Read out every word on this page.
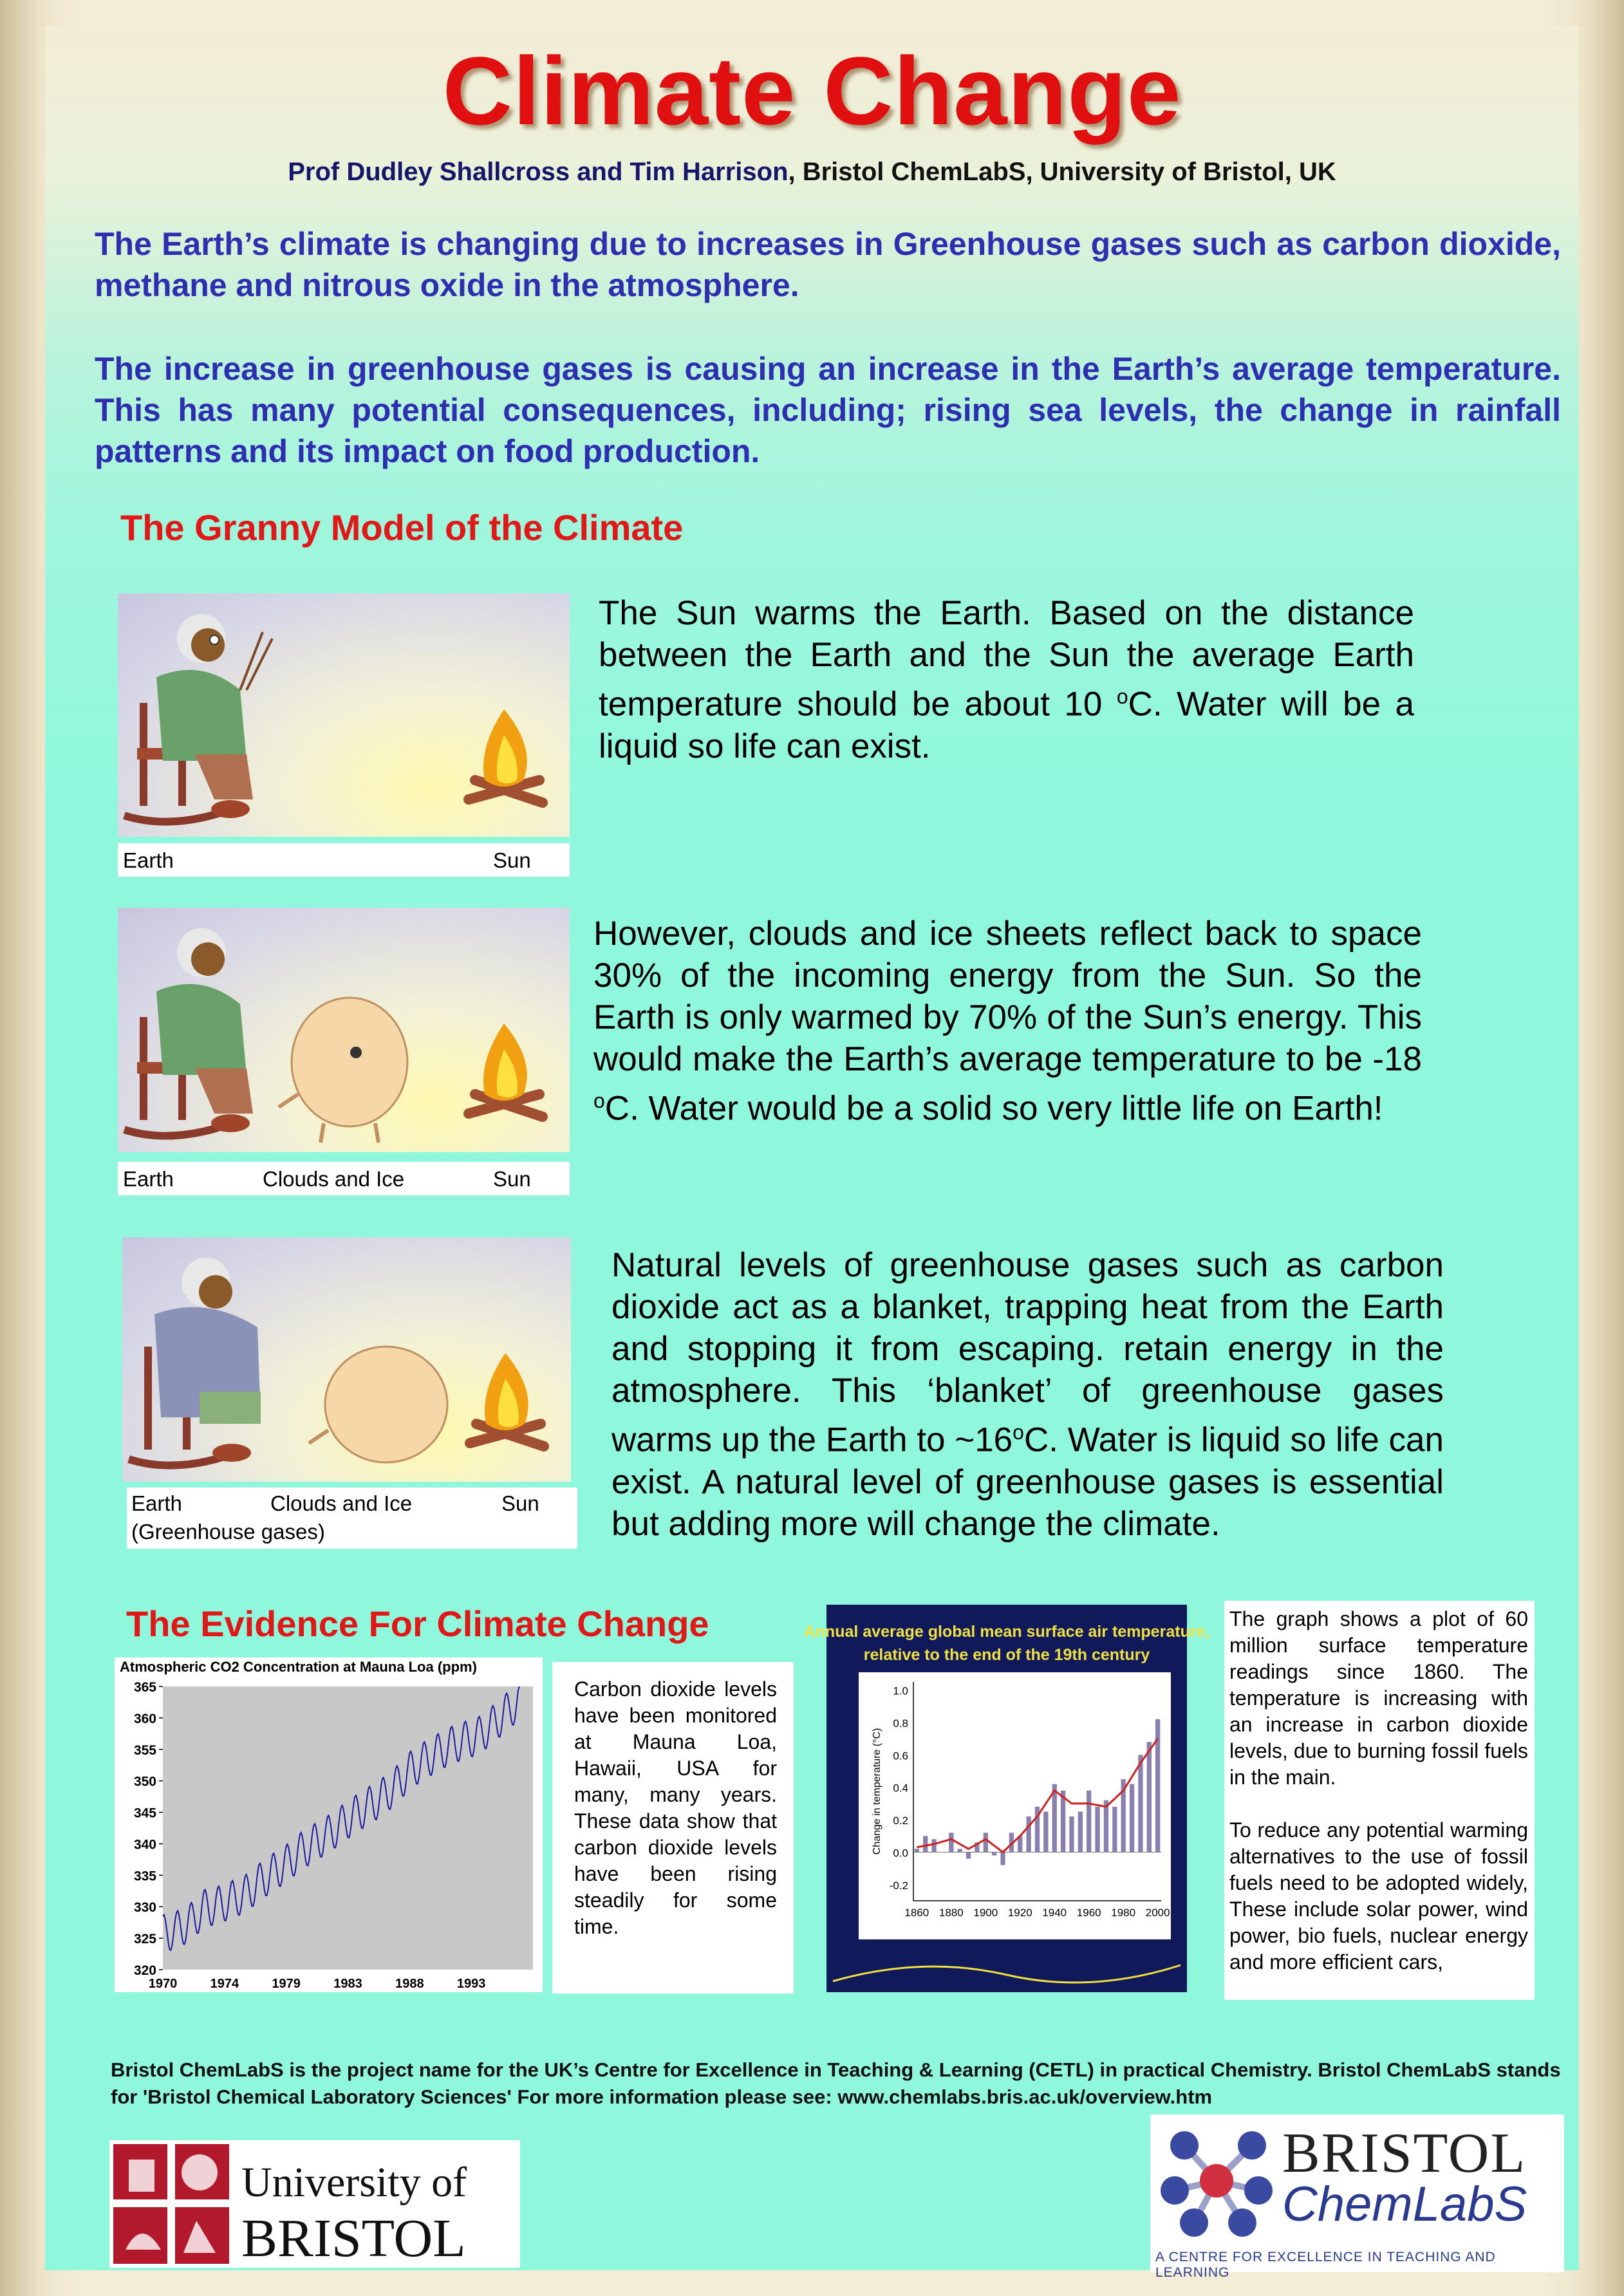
Climate Change
Prof Dudley Shallcross and Tim Harrison, Bristol ChemLabS, University of Bristol, UK
The Earth’s climate is changing due to increases in Greenhouse gases such as carbon dioxide, methane and nitrous oxide in the atmosphere.
The increase in greenhouse gases is causing an increase in the Earth’s average temperature. This has many potential consequences, including; rising sea levels, the change in rainfall patterns and its impact on food production.
The Granny Model of the Climate
Earth	Sun
The Sun warms the Earth. Based on the distance between the Earth and the Sun the average Earth temperature should be about 10 $^o$C. Water will be a liquid so life can exist.
Earth	Clouds and Ice	Sun
However, clouds and ice sheets reflect back to space 30% of the incoming energy from the Sun. So the Earth is only warmed by 70% of the Sun’s energy. This would make the Earth’s average temperature to be -18 $^o$C. Water would be a solid so very little life on Earth!
Earth	Clouds and Ice	Sun
(Greenhouse gases)
Natural levels of greenhouse gases such as carbon dioxide act as a blanket, trapping heat from the Earth and stopping it from escaping. retain energy in the atmosphere. This ‘blanket’ of greenhouse gases warms up the Earth to ~16$^o$C. Water is liquid so life can exist. A natural level of greenhouse gases is essential but adding more will change the climate.
The Evidence For Climate Change
Atmospheric CO2 Concentration at Mauna Loa (ppm)
320
325
330
335
340
345
350
355
360
365
1970	1974	1979	1983	1988	1993
Carbon dioxide levels have been monitored at Mauna Loa, Hawaii, USA for many, many years. These data show that carbon dioxide levels have been rising steadily for some time.
Annual average global mean surface air temperature,
relative to the end of the 19th century
1.0
0.8
0.6
0.4
0.2
0.0
-0.2
1860 1880 1900 1920 1940 1960 1980 2000
Change in temperature (°C)
The graph shows a plot of 60 million surface temperature readings since 1860. The temperature is increasing with an increase in carbon dioxide levels, due to burning fossil fuels in the main.
To reduce any potential warming alternatives to the use of fossil fuels need to be adopted widely, These include solar power, wind power, bio fuels, nuclear energy and more efficient cars,
Bristol ChemLabS is the project name for the UK’s Centre for Excellence in Teaching & Learning (CETL) in practical Chemistry. Bristol ChemLabS stands for 'Bristol Chemical Laboratory Sciences' For more information please see: www.chemlabs.bris.ac.uk/overview.htm
University of
BRISTOL
BRISTOL
ChemLabS
A CENTRE FOR EXCELLENCE IN TEACHING AND LEARNING
